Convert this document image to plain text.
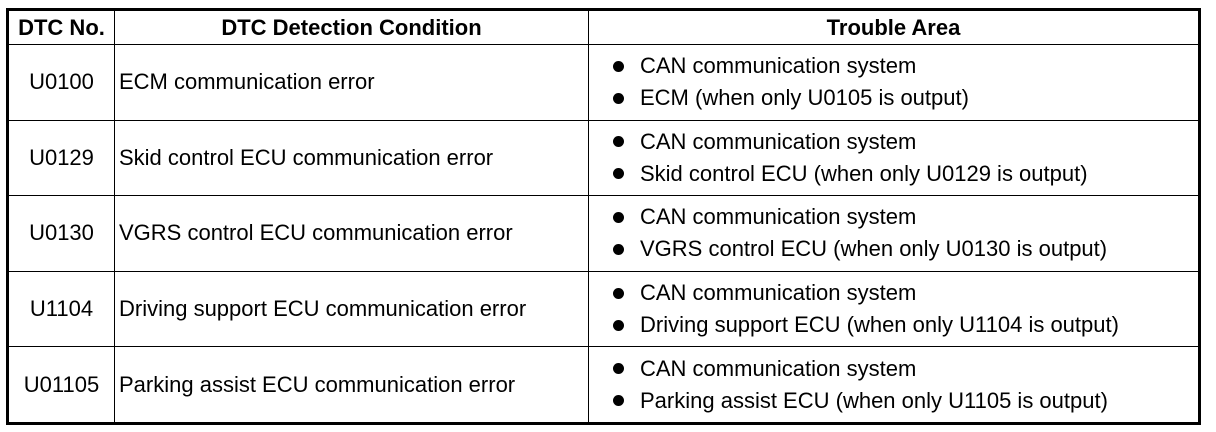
DTC No.	DTC Detection Condition	Trouble Area
U0100	ECM communication error	CAN communication system
ECM (when only U0105 is output)

U0129	Skid control ECU communication error	CAN communication system
Skid control ECU (when only U0129 is output)

U0130	VGRS control ECU communication error	CAN communication system
VGRS control ECU (when only U0130 is output)

U1104	Driving support ECU communication error	CAN communication system
Driving support ECU (when only U1104 is output)

U01105	Parking assist ECU communication error	CAN communication system
Parking assist ECU (when only U1105 is output)
